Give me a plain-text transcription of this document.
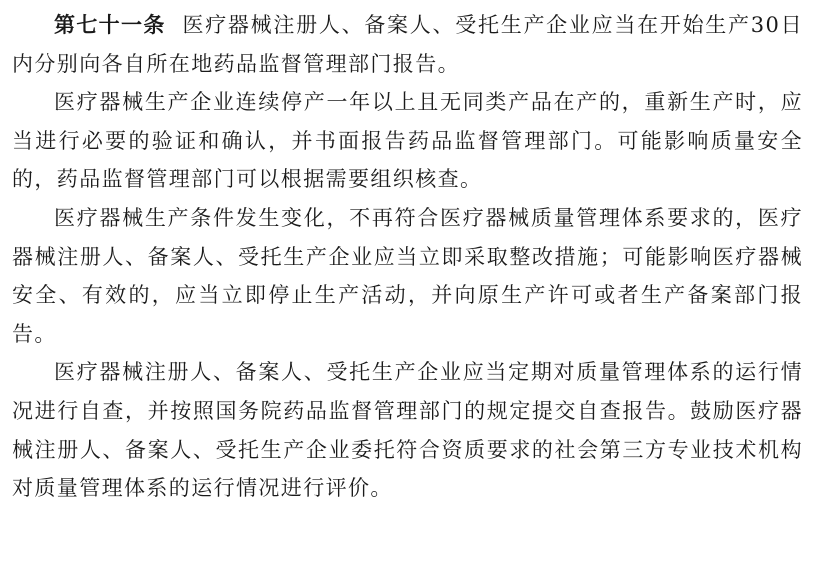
第七十一条 医疗器械注册人、备案人、受托生产企业应当在开始生产30日内分别向各自所在地药品监督管理部门报告。

医疗器械生产企业连续停产一年以上且无同类产品在产的，重新生产时，应当进行必要的验证和确认，并书面报告药品监督管理部门。可能影响质量安全的，药品监督管理部门可以根据需要组织核查。

医疗器械生产条件发生变化，不再符合医疗器械质量管理体系要求的，医疗器械注册人、备案人、受托生产企业应当立即采取整改措施；可能影响医疗器械安全、有效的，应当立即停止生产活动，并向原生产许可或者生产备案部门报告。

医疗器械注册人、备案人、受托生产企业应当定期对质量管理体系的运行情况进行自查，并按照国务院药品监督管理部门的规定提交自查报告。鼓励医疗器械注册人、备案人、受托生产企业委托符合资质要求的社会第三方专业技术机构对质量管理体系的运行情况进行评价。
